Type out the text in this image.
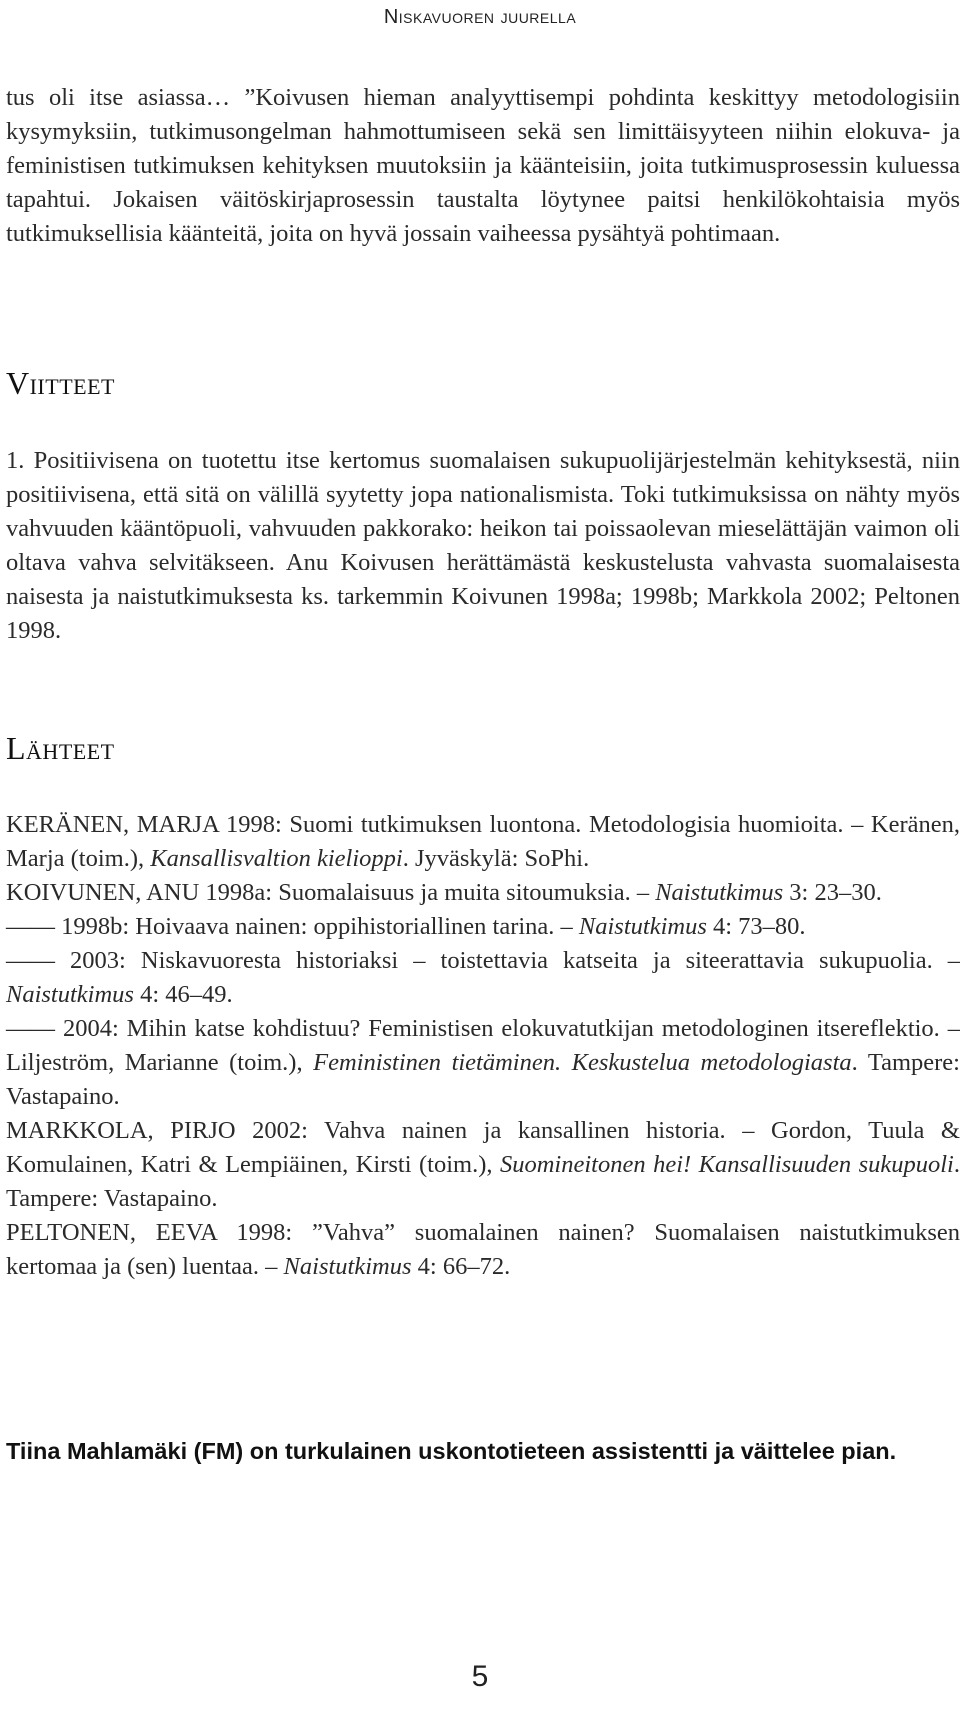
Niskavuoren juurella

tus oli itse asiassa… ”Koivusen hieman analyyttisempi pohdinta keskittyy metodologisiin kysymyksiin, tutkimusongelman hahmottumiseen sekä sen limittäisyyteen niihin elokuva- ja feministisen tutkimuksen kehityksen muutoksiin ja käänteisiin, joita tutkimusprosessin kuluessa tapahtui. Jokaisen väitöskirjaprosessin taustalta löytynee paitsi henkilökohtaisia myös tutkimuksellisia käänteitä, joita on hyvä jossain vaiheessa pysähtyä pohtimaan.

Viitteet

1. Positiivisena on tuotettu itse kertomus suomalaisen sukupuolijärjestelmän kehityksestä, niin positiivisena, että sitä on välillä syytetty jopa nationalismista. Toki tutkimuksissa on nähty myös vahvuuden kääntöpuoli, vahvuuden pakkorako: heikon tai poissaolevan mieselättäjän vaimon oli oltava vahva selvitäkseen. Anu Koivusen herättämästä keskustelusta vahvasta suomalaisesta naisesta ja naistutkimuksesta ks. tarkemmin Koivunen 1998a; 1998b; Markkola 2002; Peltonen 1998.

Lähteet

KERÄNEN, MARJA 1998: Suomi tutkimuksen luontona. Metodologisia huomioita. – Keränen, Marja (toim.), Kansallisvaltion kielioppi. Jyväskylä: SoPhi.

KOIVUNEN, ANU 1998a: Suomalaisuus ja muita sitoumuksia. – Naistutkimus 3: 23–30.

—— 1998b: Hoivaava nainen: oppihistoriallinen tarina. – Naistutkimus 4: 73–80.

—— 2003: Niskavuoresta historiaksi – toistettavia katseita ja siteerattavia sukupuolia. – Naistutkimus 4: 46–49.

—— 2004: Mihin katse kohdistuu? Feministisen elokuvatutkijan metodologinen itsereflektio. – Liljeström, Marianne (toim.), Feministinen tietäminen. Keskustelua metodologiasta. Tampere: Vastapaino.

MARKKOLA, PIRJO 2002: Vahva nainen ja kansallinen historia. – Gordon, Tuula & Komulainen, Katri & Lempiäinen, Kirsti (toim.), Suomineitonen hei! Kansallisuuden sukupuoli. Tampere: Vastapaino.

PELTONEN, EEVA 1998: ”Vahva” suomalainen nainen? Suomalaisen naistutkimuksen kertomaa ja (sen) luentaa. – Naistutkimus 4: 66–72.

Tiina Mahlamäki (FM) on turkulainen uskontotieteen assistentti ja väittelee pian.

5
